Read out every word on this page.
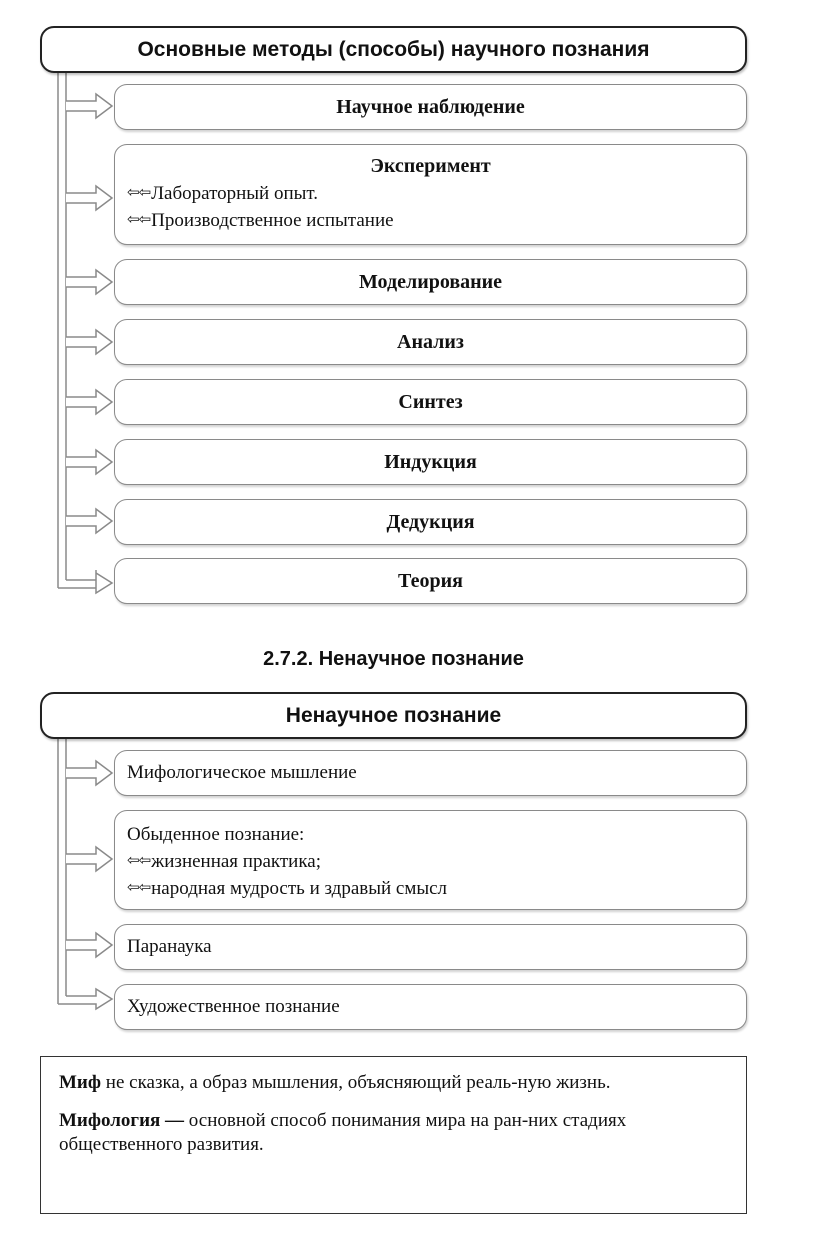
Основные методы (способы) научного познания
Научное наблюдение
Эксперимент
⇦⇦ Лабораторный опыт.
⇦⇦ Производственное испытание
Моделирование
Анализ
Синтез
Индукция
Дедукция
Теория
2.7.2. Ненаучное познание
Ненаучное познание
Мифологическое мышление
Обыденное познание:
⇦⇦ жизненная практика;
⇦⇦ народная мудрость и здравый смысл
Паранаука
Художественное познание

Миф не сказка, а образ мышления, объясняющий реаль-ную жизнь.

Мифология — основной способ понимания мира на ран-них стадиях общественного развития.
